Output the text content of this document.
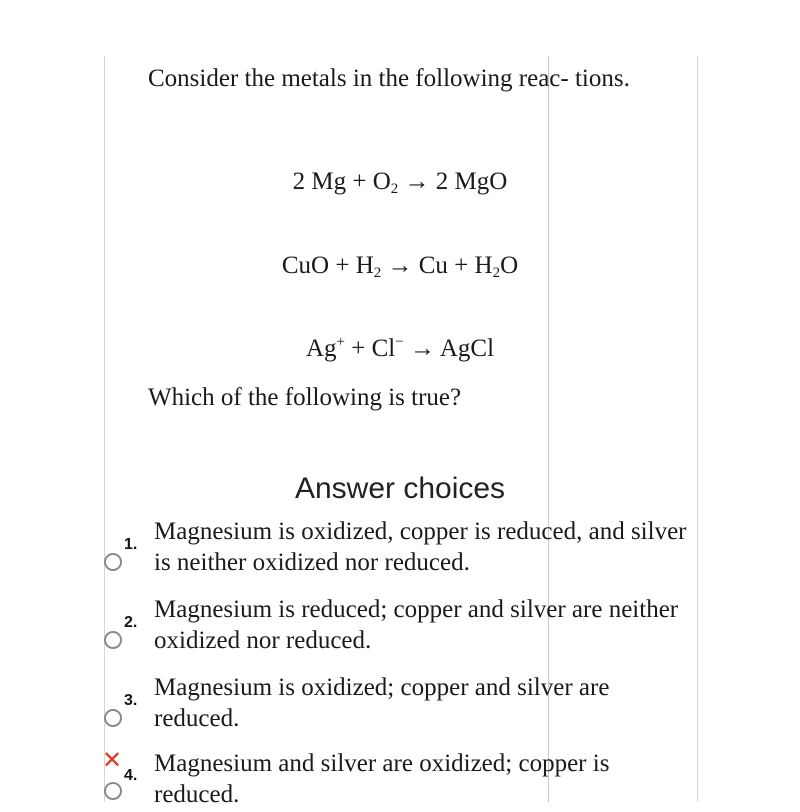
Consider the metals in the following reac- tions.
2 $Mg + O_2 \to 2$ MgO
CuO + $H_2 \to Cu + H_2O$
Ag+ + Cl− → AgCl
Which of the following is true?
Answer choices
1. Magnesium is oxidized, copper is reduced, and silver is neither oxidized nor reduced.
2. Magnesium is reduced; copper and silver are neither oxidized nor reduced.
3. Magnesium is oxidized; copper and silver are reduced.
✕
4. Magnesium and silver are oxidized; copper is reduced.
